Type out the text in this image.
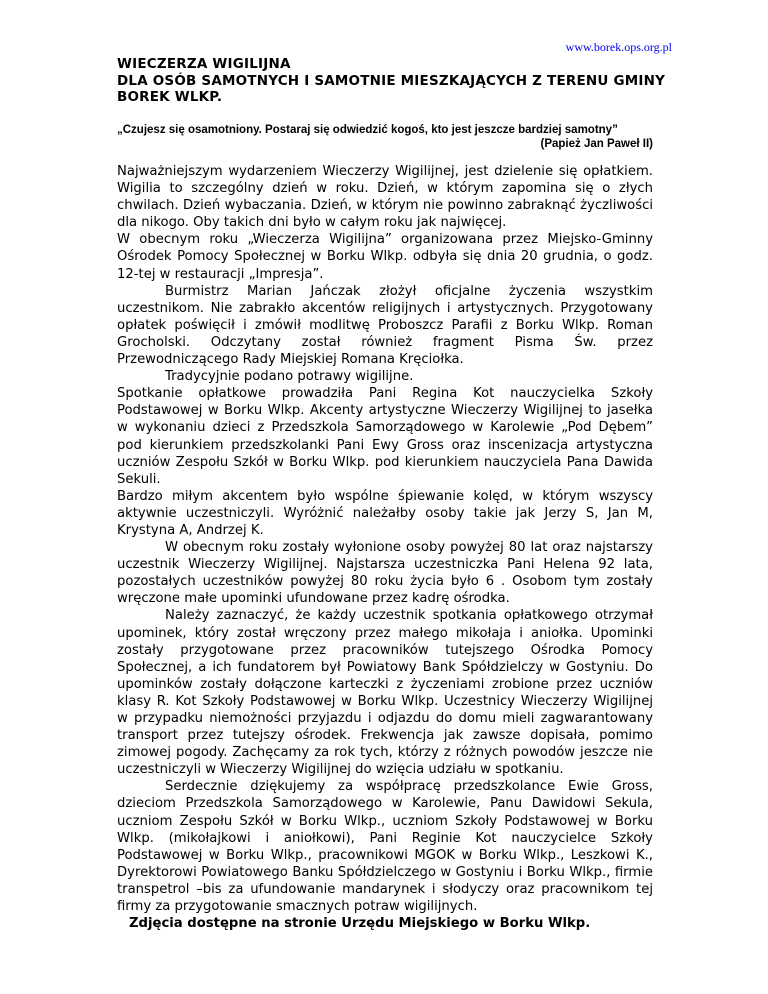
www.borek.ops.org.pl
WIECZERZA WIGILIJNA
DLA OSÓB SAMOTNYCH I SAMOTNIE MIESZKAJĄCYCH Z TERENU GMINY
BOREK WLKP.
„Czujesz się osamotniony. Postaraj się odwiedzić kogoś, kto jest jeszcze bardziej samotny”
(Papież Jan Paweł II)

Najważniejszym wydarzeniem Wieczerzy Wigilijnej, jest dzielenie się opłatkiem. Wigilia to szczególny dzień w roku. Dzień, w którym zapomina się o złych chwilach. Dzień wybaczania. Dzień, w którym nie powinno zabraknąć życzliwości dla nikogo. Oby takich dni było w całym roku jak najwięcej.

W obecnym roku „Wieczerza Wigilijna” organizowana przez Miejsko-Gminny Ośrodek Pomocy Społecznej w Borku Wlkp. odbyła się dnia 20 grudnia, o godz. 12-tej w restauracji „Impresja”.

Burmistrz Marian Jańczak złożył oficjalne życzenia wszystkim uczestnikom. Nie zabrakło akcentów religijnych i artystycznych. Przygotowany opłatek poświęcił i zmówił modlitwę Proboszcz Parafii z Borku Wlkp. Roman Grocholski. Odczytany został również fragment Pisma Św. przez Przewodniczącego Rady Miejskiej Romana Kręciołka.

Tradycyjnie podano potrawy wigilijne.

Spotkanie opłatkowe prowadziła Pani Regina Kot nauczycielka Szkoły Podstawowej w Borku Wlkp. Akcenty artystyczne Wieczerzy Wigilijnej to jasełka w wykonaniu dzieci z Przedszkola Samorządowego w Karolewie „Pod Dębem” pod kierunkiem przedszkolanki Pani Ewy Gross oraz inscenizacja artystyczna uczniów Zespołu Szkół w Borku Wlkp. pod kierunkiem nauczyciela Pana Dawida Sekuli.

Bardzo miłym akcentem było wspólne śpiewanie kolęd, w którym wszyscy aktywnie uczestniczyli. Wyróżnić należałby osoby takie jak Jerzy S, Jan M, Krystyna A, Andrzej K.

W obecnym roku zostały wyłonione osoby powyżej 80 lat oraz najstarszy uczestnik Wieczerzy Wigilijnej. Najstarsza uczestniczka Pani Helena 92 lata, pozostałych uczestników powyżej 80 roku życia było 6 . Osobom tym zostały wręczone małe upominki ufundowane przez kadrę ośrodka.

Należy zaznaczyć, że każdy uczestnik spotkania opłatkowego otrzymał upominek, który został wręczony przez małego mikołaja i aniołka. Upominki zostały przygotowane przez pracowników tutejszego Ośrodka Pomocy Społecznej, a ich fundatorem był Powiatowy Bank Spółdzielczy w Gostyniu. Do upominków zostały dołączone karteczki z życzeniami zrobione przez uczniów klasy R. Kot Szkoły Podstawowej w Borku Wlkp. Uczestnicy Wieczerzy Wigilijnej w przypadku niemożności przyjazdu i odjazdu do domu mieli zagwarantowany transport przez tutejszy ośrodek. Frekwencja jak zawsze dopisała, pomimo zimowej pogody. Zachęcamy za rok tych, którzy z różnych powodów jeszcze nie uczestniczyli w Wieczerzy Wigilijnej do wzięcia udziału w spotkaniu.

Serdecznie dziękujemy za współpracę przedszkolance Ewie Gross, dzieciom Przedszkola Samorządowego w Karolewie, Panu Dawidowi Sekula, uczniom Zespołu Szkół w Borku Wlkp., uczniom Szkoły Podstawowej w Borku Wlkp. (mikołajkowi i aniołkowi), Pani Reginie Kot nauczycielce Szkoły Podstawowej w Borku Wlkp., pracownikowi MGOK w Borku Wlkp., Leszkowi K., Dyrektorowi Powiatowego Banku Spółdzielczego w Gostyniu i Borku Wlkp., firmie transpetrol –bis za ufundowanie mandarynek i słodyczy oraz pracownikom tej firmy za przygotowanie smacznych potraw wigilijnych.

Zdjęcia dostępne na stronie Urzędu Miejskiego w Borku Wlkp.
